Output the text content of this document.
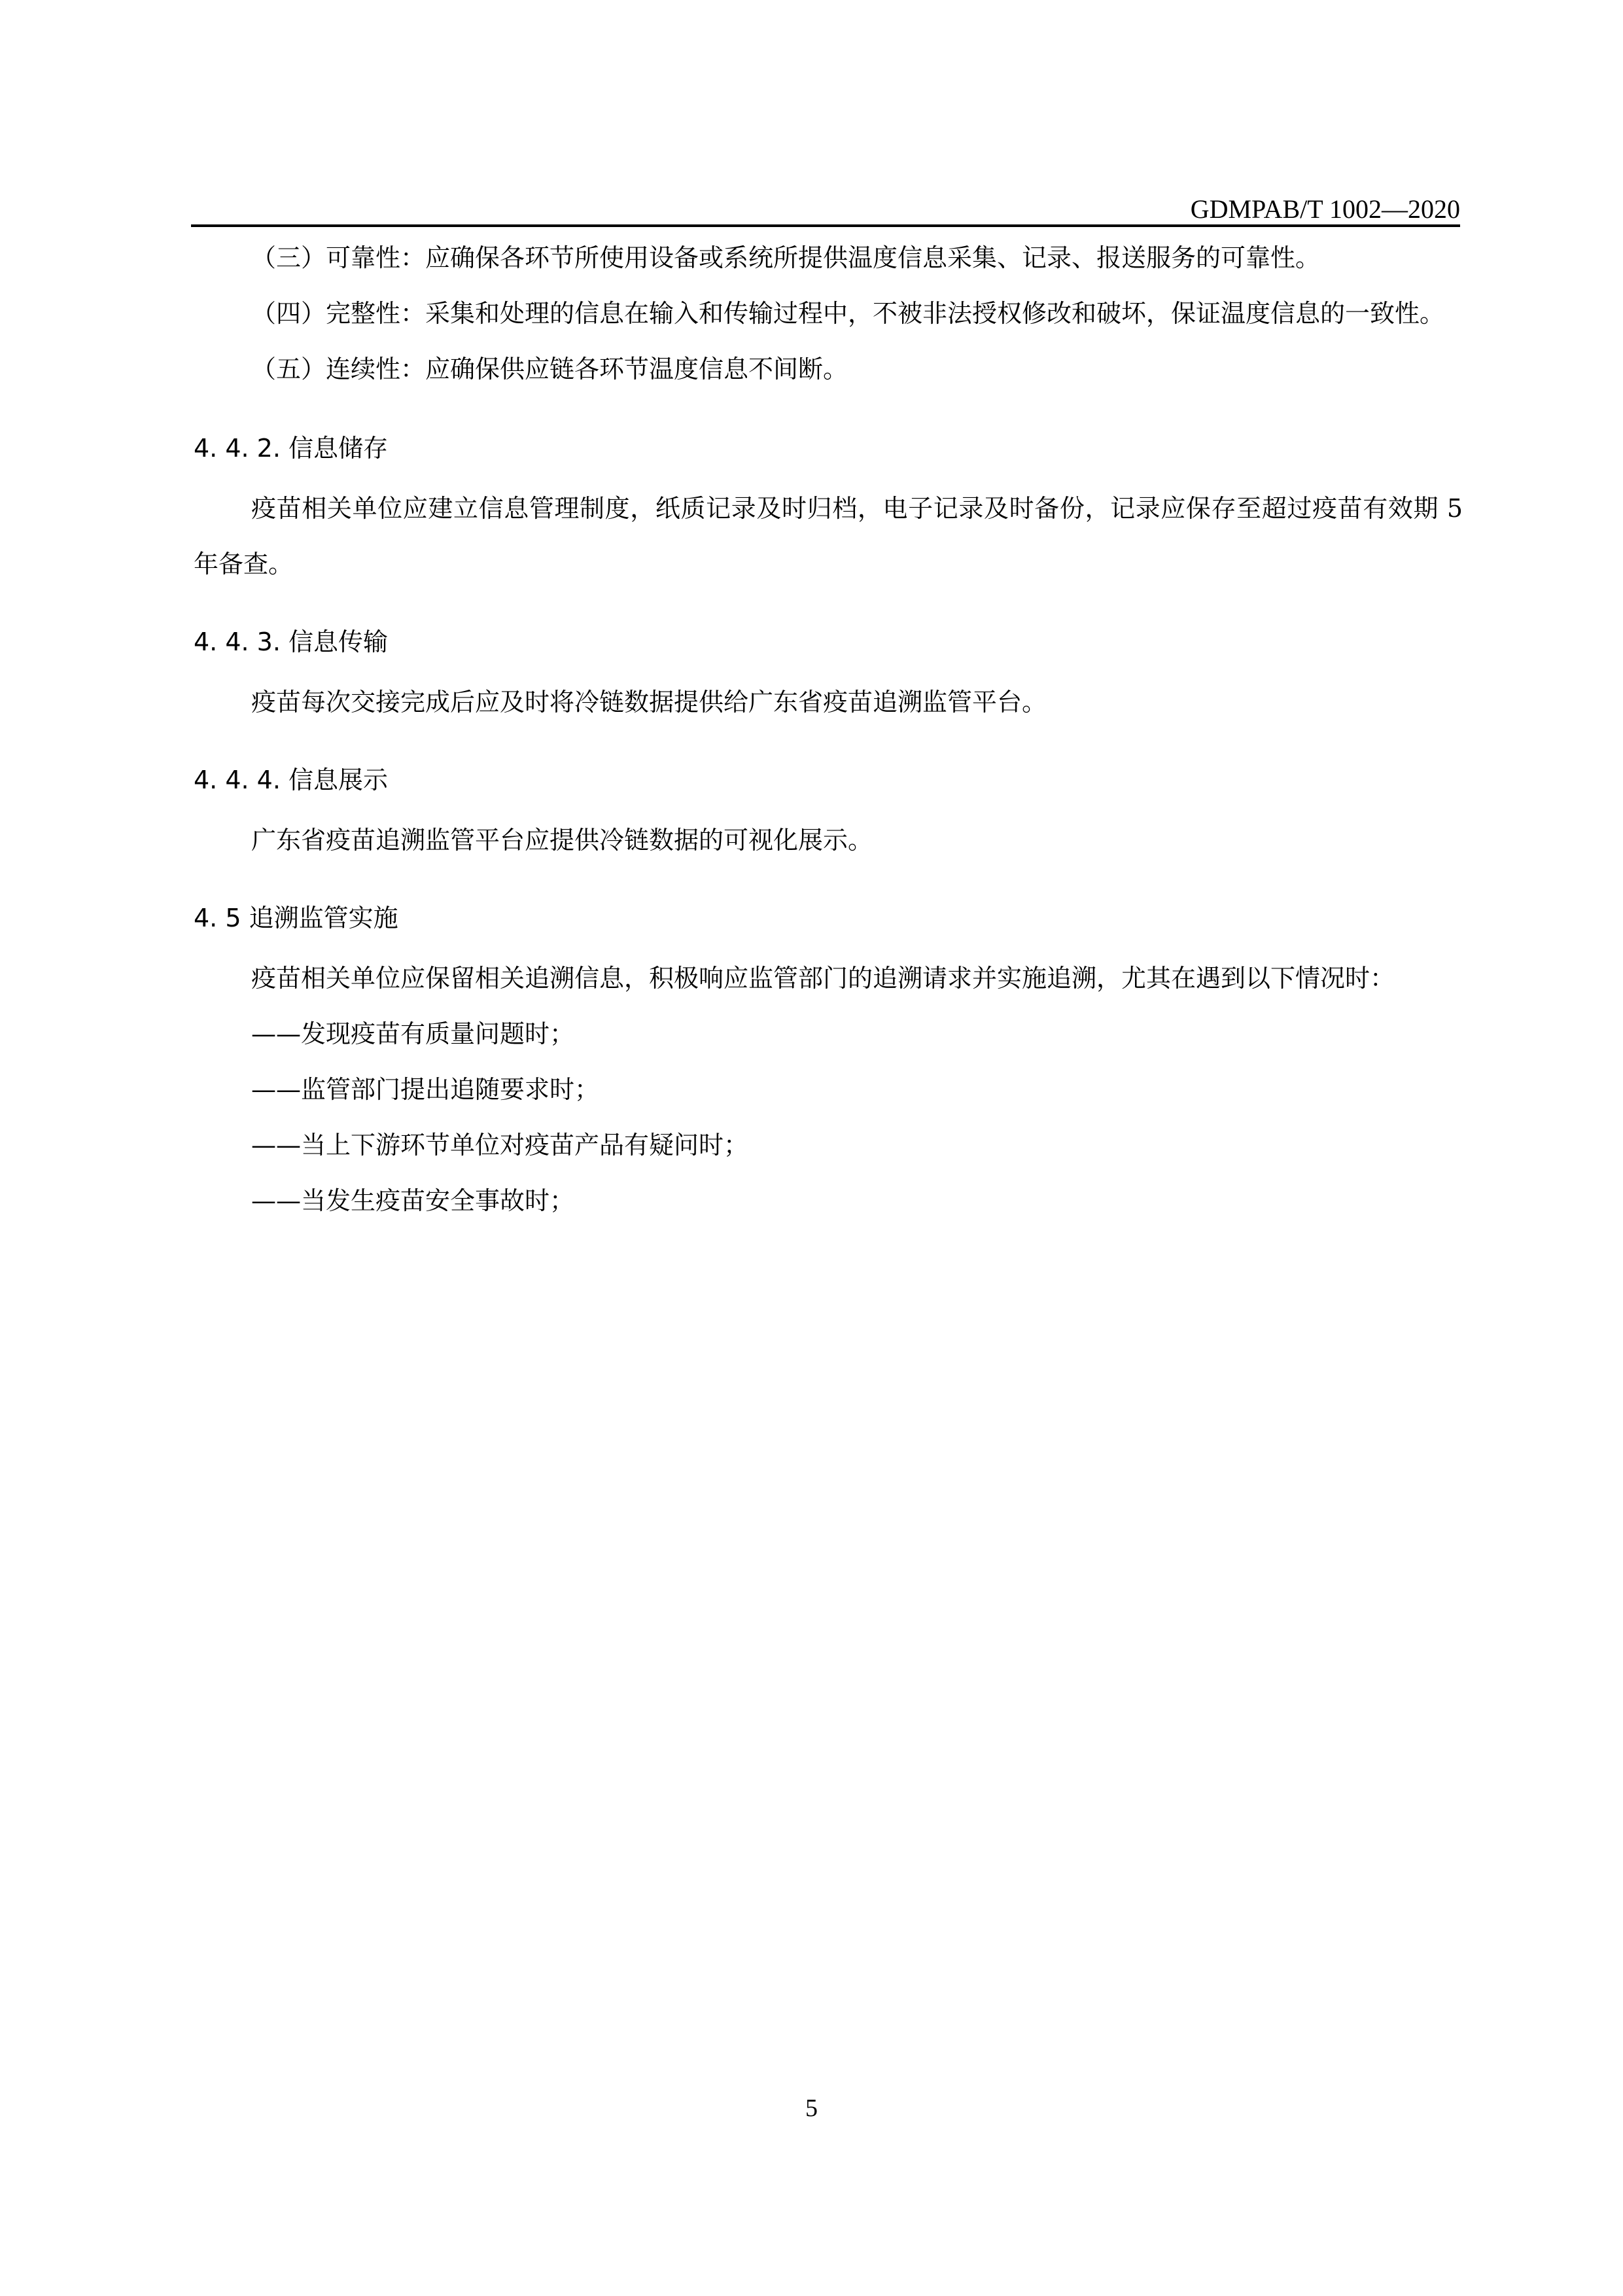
GDMPAB/T 1002—2020

（三）可靠性：应确保各环节所使用设备或系统所提供温度信息采集、记录、报送服务的可靠性。

（四）完整性：采集和处理的信息在输入和传输过程中，不被非法授权修改和破坏，保证温度信息的一致性。

（五）连续性：应确保供应链各环节温度信息不间断。

4. 4. 2. 信息储存

疫苗相关单位应建立信息管理制度，纸质记录及时归档，电子记录及时备份，记录应保存至超过疫苗有效期 5 年备查。

4. 4. 3. 信息传输

疫苗每次交接完成后应及时将冷链数据提供给广东省疫苗追溯监管平台。

4. 4. 4. 信息展示

广东省疫苗追溯监管平台应提供冷链数据的可视化展示。

4. 5 追溯监管实施

疫苗相关单位应保留相关追溯信息，积极响应监管部门的追溯请求并实施追溯，尤其在遇到以下情况时：

——发现疫苗有质量问题时；

——监管部门提出追随要求时；

——当上下游环节单位对疫苗产品有疑问时；

——当发生疫苗安全事故时；

5
